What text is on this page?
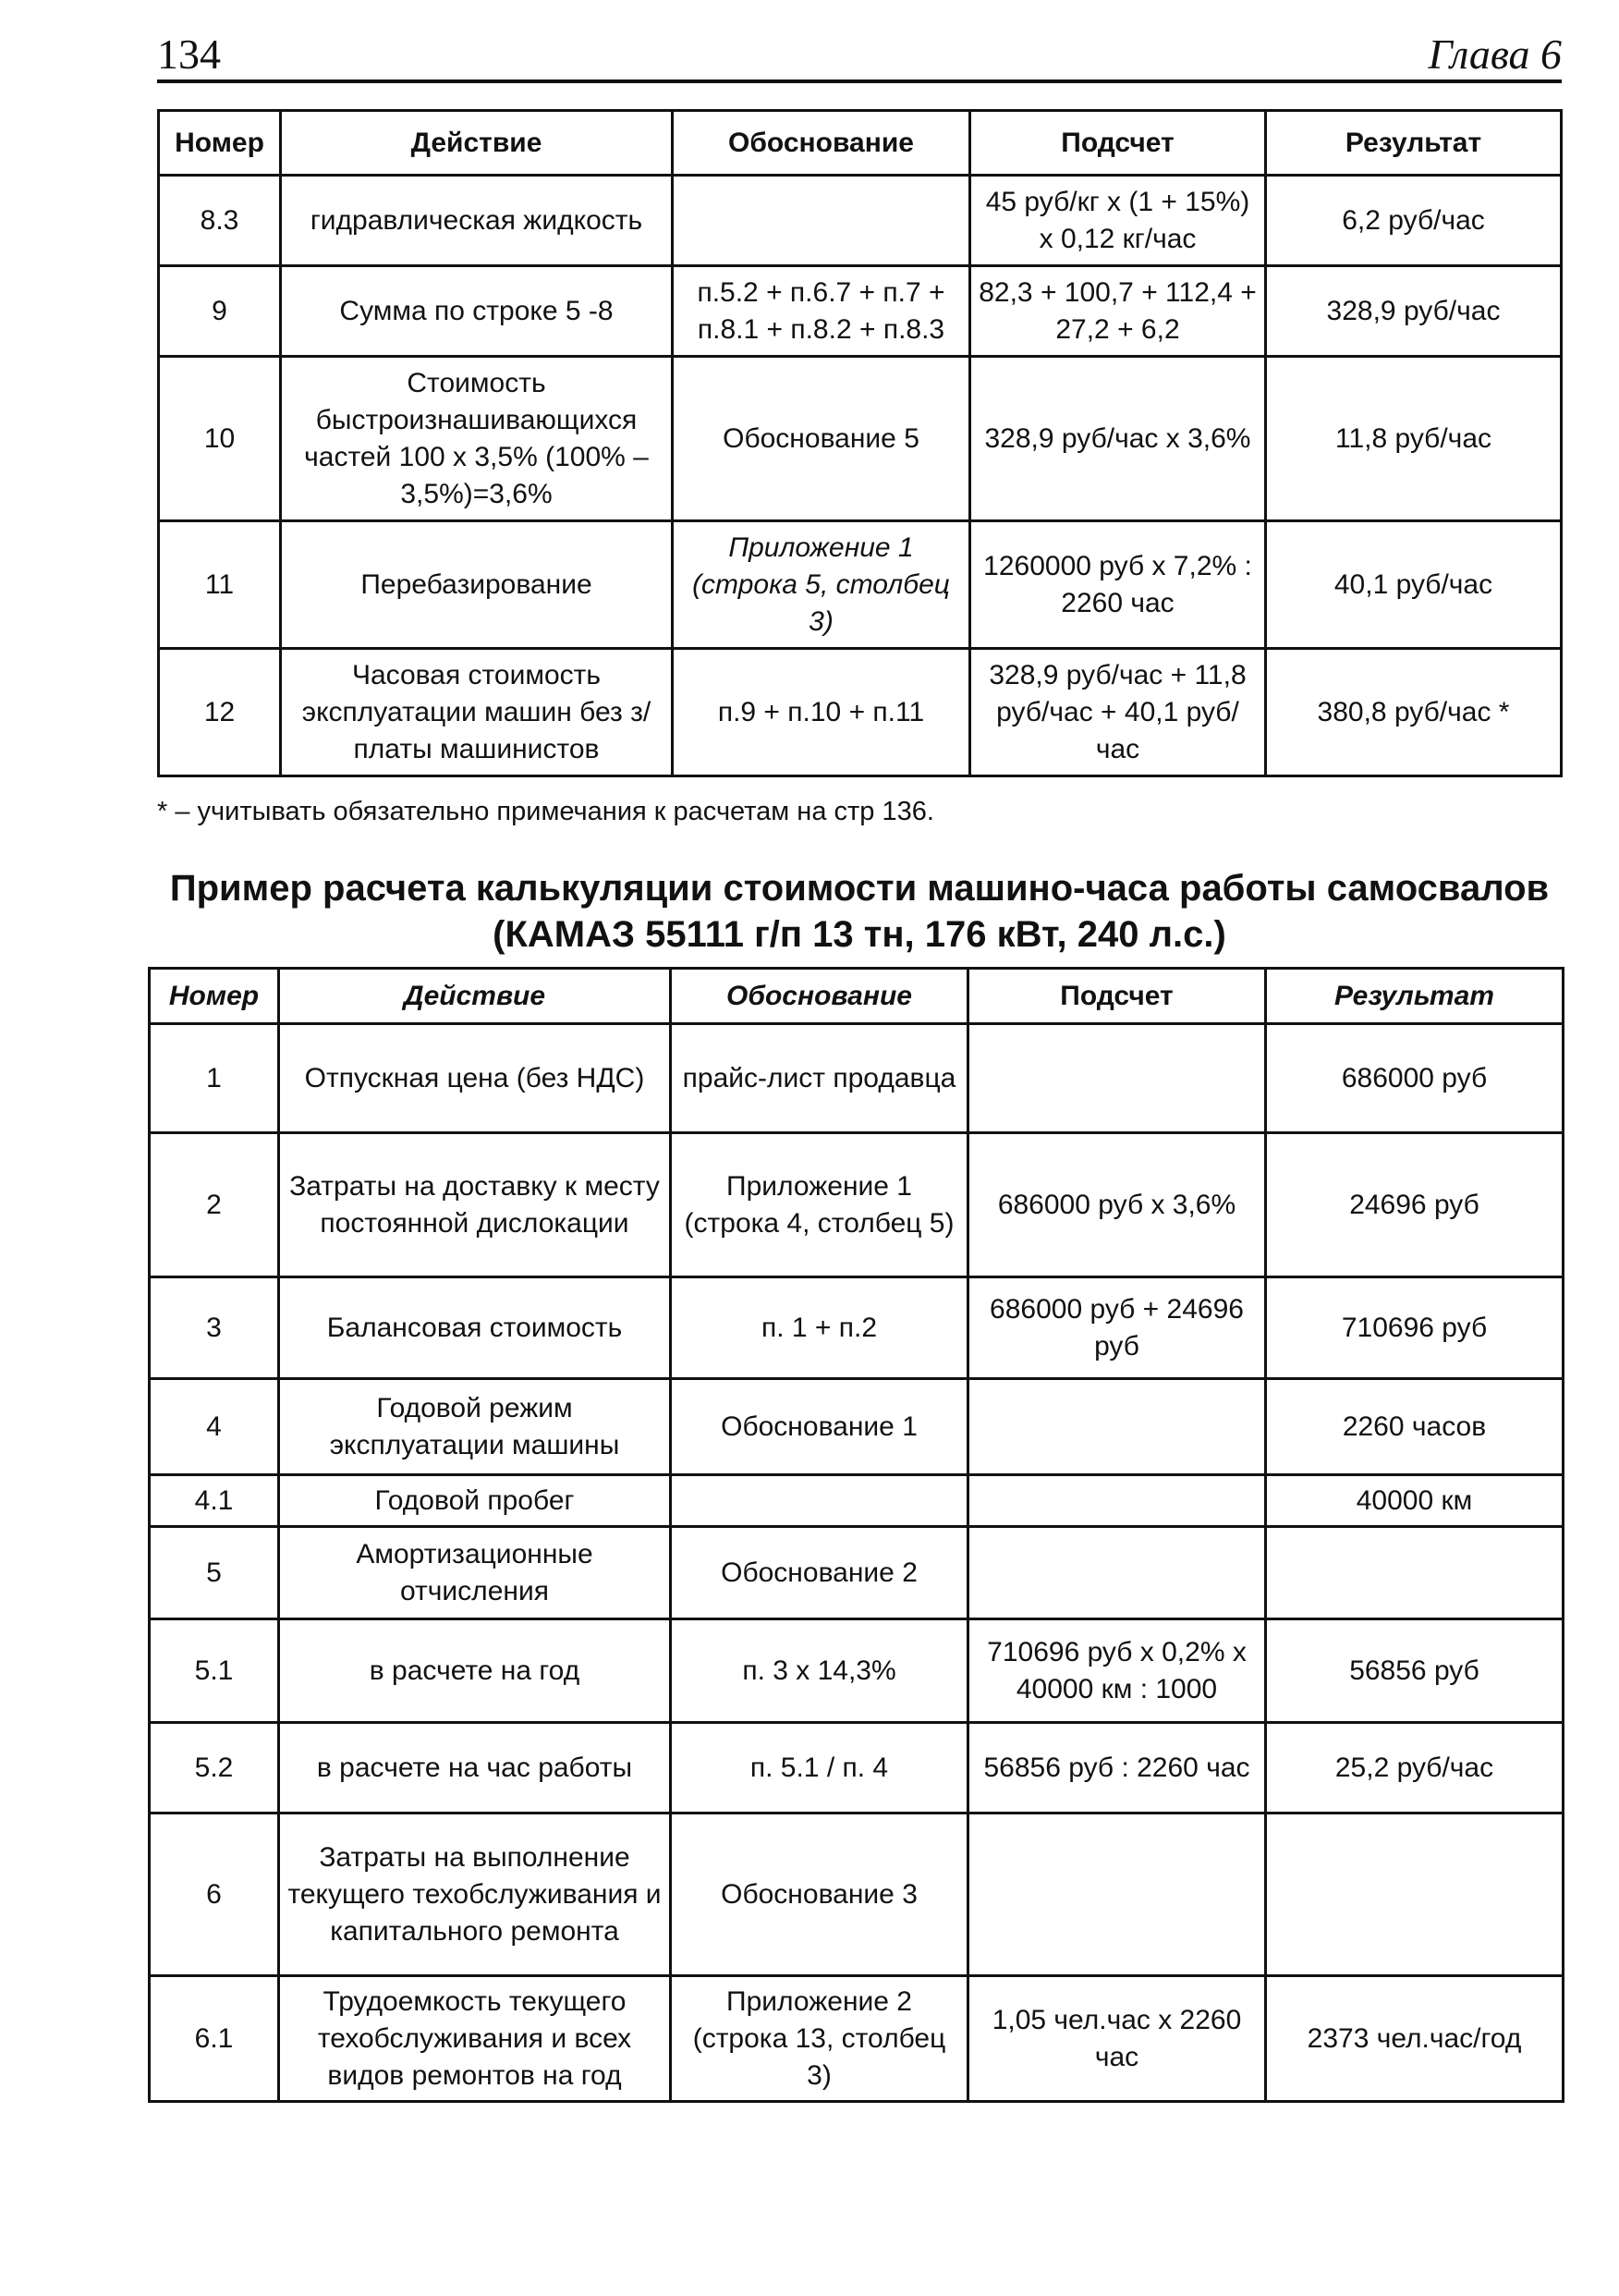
134	Глава 6
Номер	Действие	Обоснование	Подсчет	Результат
8.3	гидравлическая жидкость		45 руб/кг х (1 + 15%) х 0,12 кг/час	6,2 руб/час
9	Сумма по строке 5 -8	п.5.2 + п.6.7 + п.7 + п.8.1 + п.8.2 + п.8.3	82,3 + 100,7 + 112,4 + 27,2 + 6,2	328,9 руб/час
10	Стоимость быстроизнашивающихся частей 100 х 3,5% (100% – 3,5%)=3,6%	Обоснование 5	328,9 руб/час х 3,6%	11,8 руб/час
11	Перебазирование	Приложение 1 (строка 5, столбец 3)	1260000 руб х 7,2% : 2260 час	40,1 руб/час
12	Часовая стоимость эксплуатации машин без з/платы машинистов	п.9 + п.10 + п.11	328,9 руб/час + 11,8 руб/час + 40,1 руб/час	380,8 руб/час *
* – учитывать обязательно примечания к расчетам на стр 136.
Пример расчета калькуляции стоимости машино-часа работы самосвалов (КАМАЗ 55111 г/п 13 тн, 176 кВт, 240 л.с.)
Номер	Действие	Обоснование	Подсчет	Результат
1	Отпускная цена (без НДС)	прайс-лист продавца		686000 руб
2	Затраты на доставку к месту постоянной дислокации	Приложение 1 (строка 4, столбец 5)	686000 руб х 3,6%	24696 руб
3	Балансовая стоимость	п. 1 + п.2	686000 руб + 24696 руб	710696 руб
4	Годовой режим эксплуатации машины	Обоснование 1		2260 часов
4.1	Годовой пробег			40000 км
5	Амортизационные отчисления	Обоснование 2		
5.1	в расчете на год	п. 3 х 14,3%	710696 руб х 0,2% х 40000 км : 1000	56856 руб
5.2	в расчете на час работы	п. 5.1 / п. 4	56856 руб : 2260 час	25,2 руб/час
6	Затраты на выполнение текущего техобслуживания и капитального ремонта	Обоснование 3		
6.1	Трудоемкость текущего техобслуживания и всех видов ремонтов на год	Приложение 2 (строка 13, столбец 3)	1,05 чел.час х 2260 час	2373 чел.час/год
